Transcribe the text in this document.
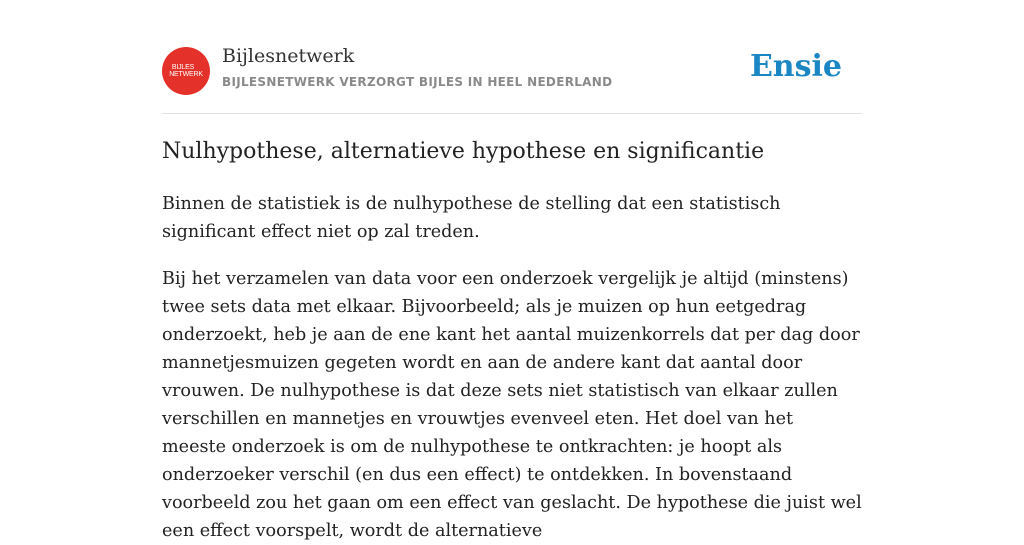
BIJLES
NETWERK
Bijlesnetwerk
BIJLESNETWERK VERZORGT BIJLES IN HEEL NEDERLAND	Ensie
Nulhypothese, alternatieve hypothese en significantie

Binnen de statistiek is de nulhypothese de stelling dat een statistisch significant effect niet op zal treden.

Bij het verzamelen van data voor een onderzoek vergelijk je altijd (minstens) twee sets data met elkaar. Bijvoorbeeld; als je muizen op hun eetgedrag onderzoekt, heb je aan de ene kant het aantal muizenkorrels dat per dag door mannetjesmuizen gegeten wordt en aan de andere kant dat aantal door vrouwen. De nulhypothese is dat deze sets niet statistisch van elkaar zullen verschillen en mannetjes en vrouwtjes evenveel eten. Het doel van het meeste onderzoek is om de nulhypothese te ontkrachten: je hoopt als onderzoeker verschil (en dus een effect) te ontdekken. In bovenstaand voorbeeld zou het gaan om een effect van geslacht. De hypothese die juist wel een effect voorspelt, wordt de alternatieve
